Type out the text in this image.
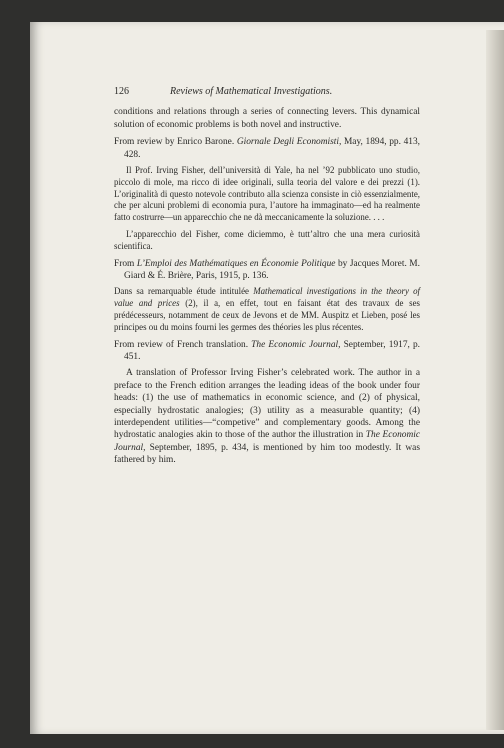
126	Reviews of Mathematical Investigations.

conditions and relations through a series of connecting levers. This dynamical solution of economic problems is both novel and instructive.

From review by Enrico Barone. Giornale Degli Economisti, May, 1894, pp. 413, 428.

Il Prof. Irving Fisher, dell’università di Yale, ha nel ’92 pubblicato uno studio, piccolo di mole, ma ricco di idee originali, sulla teoria del valore e dei prezzi (1). L’originalità di questo notevole contributo alla scienza consiste in ciò essenzialmente, che per alcuni problemi di economia pura, l’autore ha immaginato—ed ha realmente fatto costrurre—un apparecchio che ne dà meccanicamente la soluzione. . . .

L’apparecchio del Fisher, come diciemmo, è tutt’altro che una mera curiosità scientifica.

From L’Emploi des Mathématiques en Économie Politique by Jacques Moret. M. Giard & É. Brière, Paris, 1915, p. 136.

Dans sa remarquable étude intitulée Mathematical investigations in the theory of value and prices (2), il a, en effet, tout en faisant état des travaux de ses prédécesseurs, notamment de ceux de Jevons et de MM. Auspitz et Lieben, posé les principes ou du moins fourni les germes des théories les plus récentes.

From review of French translation. The Economic Journal, September, 1917, p. 451.

A translation of Professor Irving Fisher’s celebrated work. The author in a preface to the French edition arranges the leading ideas of the book under four heads: (1) the use of mathematics in economic science, and (2) of physical, especially hydrostatic analogies; (3) utility as a measurable quantity; (4) interdependent utilities—“competive” and complementary goods. Among the hydrostatic analogies akin to those of the author the illustration in The Economic Journal, September, 1895, p. 434, is mentioned by him too modestly. It was fathered by him.
